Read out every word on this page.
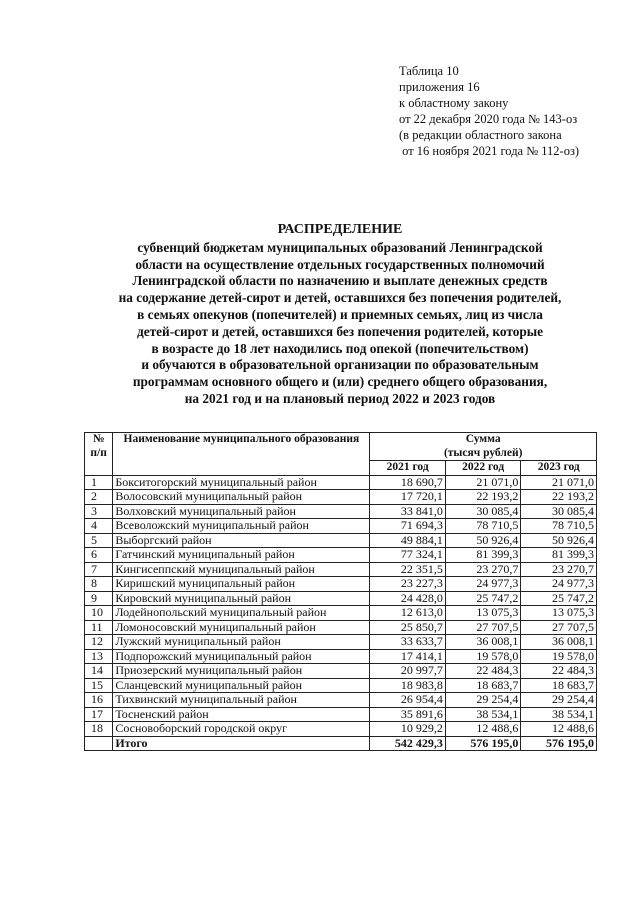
Таблица 10
приложения 16
к областному закону
от 22 декабря 2020 года № 143-оз
(в редакции областного закона
от 16 ноября 2021 года № 112-оз)
РАСПРЕДЕЛЕНИЕ
субвенций бюджетам муниципальных образований Ленинградской
области на осуществление отдельных государственных полномочий
Ленинградской области по назначению и выплате денежных средств
на содержание детей-сирот и детей, оставшихся без попечения родителей,
в семьях опекунов (попечителей) и приемных семьях, лиц из числа
детей-сирот и детей, оставшихся без попечения родителей, которые
в возрасте до 18 лет находились под опекой (попечительством)
и обучаются в образовательной организации по образовательным
программам основного общего и (или) среднего общего образования,
на 2021 год и на плановый период 2022 и 2023 годов
№ п/п	Наименование муниципального образования	Сумма
(тысяч рублей)		

		2021 год	2022 год	2023 год
1	Бокситогорский муниципальный район	18 690,7	21 071,0	21 071,0
2	Волосовский муниципальный район	17 720,1	22 193,2	22 193,2
3	Волховский муниципальный район	33 841,0	30 085,4	30 085,4
4	Всеволожский муниципальный район	71 694,3	78 710,5	78 710,5
5	Выборгский район	49 884,1	50 926,4	50 926,4
6	Гатчинский муниципальный район	77 324,1	81 399,3	81 399,3
7	Кингисеппский муниципальный район	22 351,5	23 270,7	23 270,7
8	Киришский муниципальный район	23 227,3	24 977,3	24 977,3
9	Кировский муниципальный район	24 428,0	25 747,2	25 747,2
10	Лодейнопольский муниципальный район	12 613,0	13 075,3	13 075,3
11	Ломоносовский муниципальный район	25 850,7	27 707,5	27 707,5
12	Лужский муниципальный район	33 633,7	36 008,1	36 008,1
13	Подпорожский муниципальный район	17 414,1	19 578,0	19 578,0
14	Приозерский муниципальный район	20 997,7	22 484,3	22 484,3
15	Сланцевский муниципальный район	18 983,8	18 683,7	18 683,7
16	Тихвинский муниципальный район	26 954,4	29 254,4	29 254,4
17	Тосненский район	35 891,6	38 534,1	38 534,1
18	Сосновоборский городской округ	10 929,2	12 488,6	12 488,6
	Итого	542 429,3	576 195,0	576 195,0
